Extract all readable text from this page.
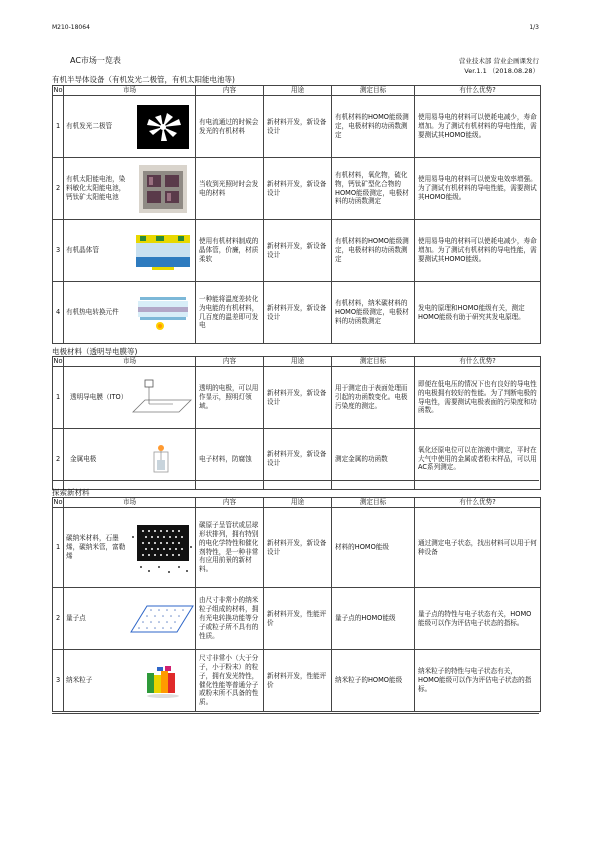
M210-18064	1/3
AC市场一览表	营业技术部 营业企画课发行
Ver.1.1 （2018.08.28）
有机半导体设备（有机发光二极管，有机太阳能电池等)
No	市场	内容	用途	测定目标	有什么优势?
1	有机发光二极管	有电流通过的时候会发光的有机材料	新材料开发，新设备设计	有机材料的HOMO能级测定，电极材料的功函数测定	使用易导电的材料可以使耗电减少，寿命增加。为了测试有机材料的导电性能，需要测试其HOMO能级。
2	有机太阳能电池，染料敏化太阳能电池，钙钛矿太阳能电池	当收到光照时时会发电的材料	新材料开发，新设备设计	有机材料，氧化物，硫化物，钙钛矿型化合物的HOMO能级测定，电极材料的功函数测定	使用易导电的材料可以使发电效率增强。为了测试有机材料的导电性能，需要测试其HOMO能级。
3	有机晶体管	使用有机材料制成的晶体管，价廉，材质柔软	新材料开发，新设备设计	有机材料的HOMO能级测定，电极材料的功函数测定	使用易导电的材料可以使耗电减少，寿命增加。为了测试有机材料的导电性能，需要测试其HOMO能级。
4	有机热电转换元件	一种能将温度差转化为电能的有机材料，几百度的温差即可发电	新材料开发，新设备设计	有机材料，纳米碳材料的HOMO能级测定，电极材料的功函数测定	发电的原理和HOMO能级有关，测定HOMO能级有助于研究其发电原理。
电极材料（透明导电膜等)
No	市场	内容	用途	测定目标	有什么优势?
1	透明导电膜（ITO）	透明的电极，可以用作显示，照明灯领域。	新材料开发，新设备设计	用于测定由于表面处理而引起的功函数变化。电极污染度的测定。	即便在低电压的情况下也有良好的导电性的电极拥有较好的性能。为了判断电极的导电性，需要测试电极表面的污染度和功函数。
2	金属电极	电子材料，防腐蚀	新材料开发，新设备设计	测定金属的功函数	氧化还原电位可以在溶液中测定，平时在大气中使用的金属或者粉末样品，可以用AC系列测定。
探索新材料
No	市场	内容	用途	测定目标	有什么优势?
1	碳纳米材料，石墨烯，碳纳米管，富勒烯	碳原子呈管状或层球形状排列，拥有特别的电化学特性和催化剂特性，是一种非常有应用前景的新材料。	新材料开发，新设备设计	材料的HOMO能级	通过测定电子状态，找出材料可以用于何种设备
2	量子点	由尺寸非常小的纳米粒子组成的材料，拥有光电转换功能等分子或粒子所不具有的性质。	新材料开发，性能评价	量子点的HOMO能级	量子点的特性与电子状态有关，HOMO能级可以作为评估电子状态的指标。
3	纳米粒子	尺寸非常小（大于分子，小于粉末）的粒子，拥有发光特性，催化性能等普通分子或粉末所不具备的性质。	新材料开发，性能评价	纳米粒子的HOMO能级	纳米粒子的特性与电子状态有关，HOMO能级可以作为评估电子状态的指标。
